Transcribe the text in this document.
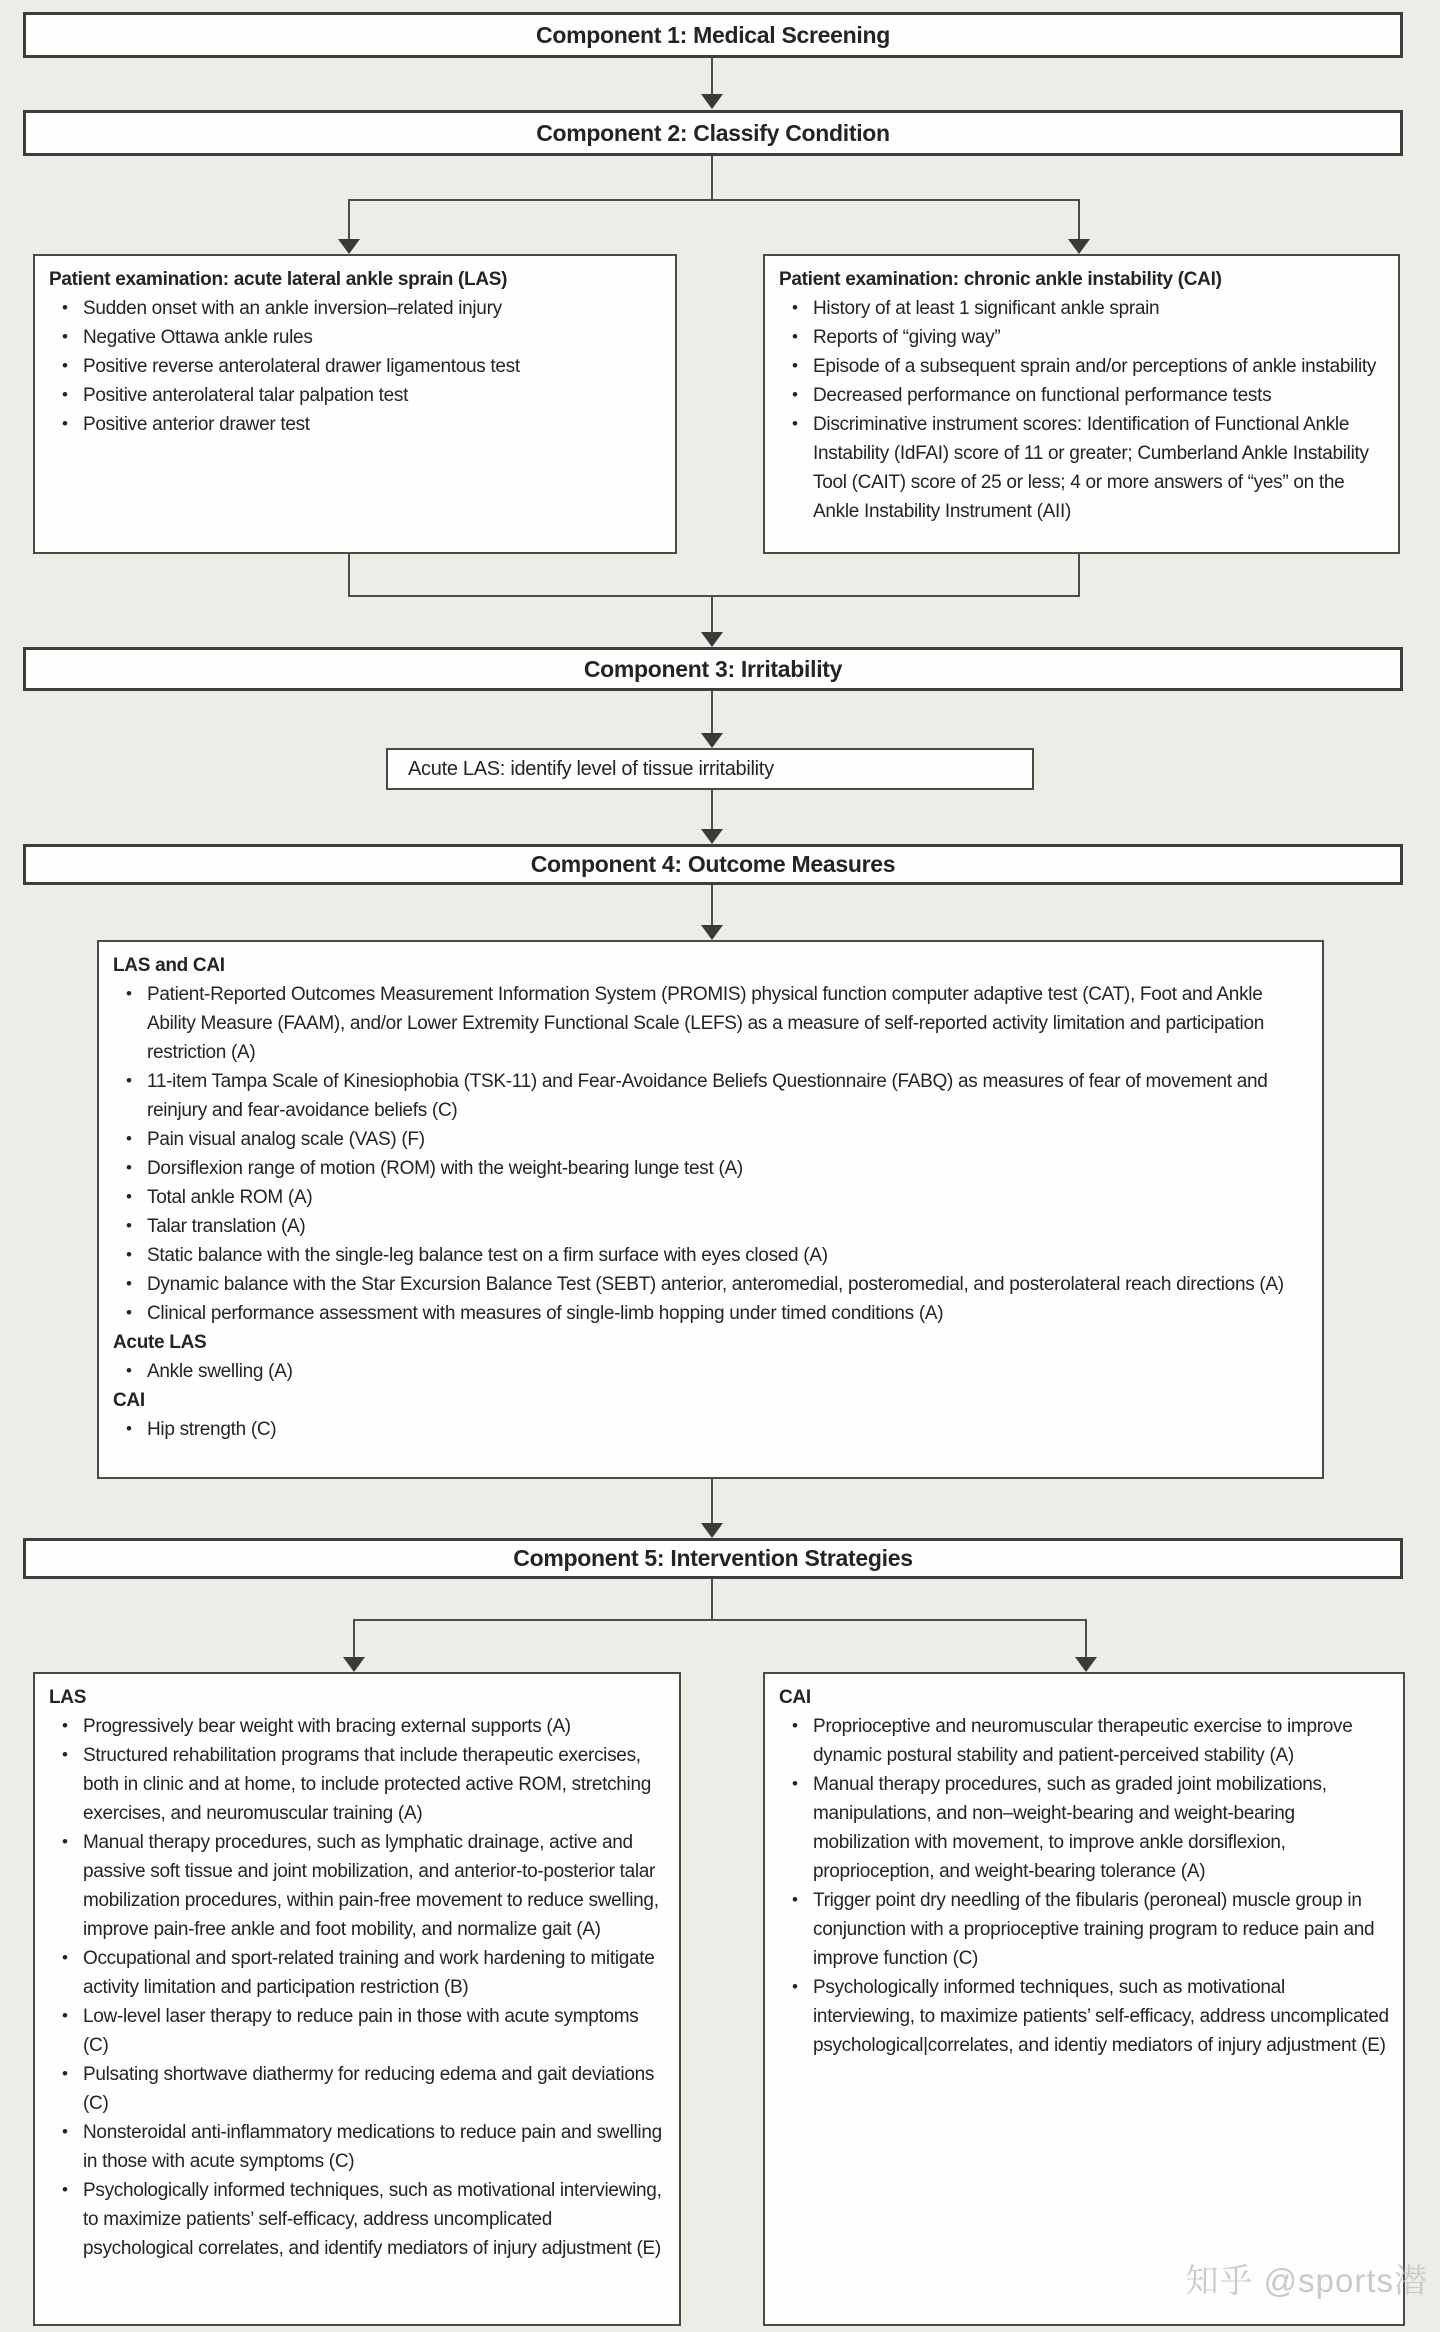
Component 1: Medical Screening
Component 2: Classify Condition
Patient examination: acute lateral ankle sprain (LAS)
• Sudden onset with an ankle inversion–related injury
• Negative Ottawa ankle rules
• Positive reverse anterolateral drawer ligamentous test
• Positive anterolateral talar palpation test
• Positive anterior drawer test
Patient examination: chronic ankle instability (CAI)
• History of at least 1 significant ankle sprain
• Reports of “giving way”
• Episode of a subsequent sprain and/or perceptions of ankle instability
• Decreased performance on functional performance tests
• Discriminative instrument scores: Identification of Functional Ankle Instability (IdFAI) score of 11 or greater; Cumberland Ankle Instability Tool (CAIT) score of 25 or less; 4 or more answers of “yes” on the Ankle Instability Instrument (AII)
Component 3: Irritability
Acute LAS: identify level of tissue irritability
Component 4: Outcome Measures
LAS and CAI
• Patient-Reported Outcomes Measurement Information System (PROMIS) physical function computer adaptive test (CAT), Foot and Ankle Ability Measure (FAAM), and/or Lower Extremity Functional Scale (LEFS) as a measure of self-reported activity limitation and participation restriction (A)
• 11-item Tampa Scale of Kinesiophobia (TSK-11) and Fear-Avoidance Beliefs Questionnaire (FABQ) as measures of fear of movement and reinjury and fear-avoidance beliefs (C)
• Pain visual analog scale (VAS) (F)
• Dorsiflexion range of motion (ROM) with the weight-bearing lunge test (A)
• Total ankle ROM (A)
• Talar translation (A)
• Static balance with the single-leg balance test on a firm surface with eyes closed (A)
• Dynamic balance with the Star Excursion Balance Test (SEBT) anterior, anteromedial, posteromedial, and posterolateral reach directions (A)
• Clinical performance assessment with measures of single-limb hopping under timed conditions (A)
Acute LAS
• Ankle swelling (A)
CAI
• Hip strength (C)
Component 5: Intervention Strategies
LAS
• Progressively bear weight with bracing external supports (A)
• Structured rehabilitation programs that include therapeutic exercises, both in clinic and at home, to include protected active ROM, stretching exercises, and neuromuscular training (A)
• Manual therapy procedures, such as lymphatic drainage, active and passive soft tissue and joint mobilization, and anterior-to-posterior talar mobilization procedures, within pain-free movement to reduce swelling, improve pain-free ankle and foot mobility, and normalize gait (A)
• Occupational and sport-related training and work hardening to mitigate activity limitation and participation restriction (B)
• Low-level laser therapy to reduce pain in those with acute symptoms (C)
• Pulsating shortwave diathermy for reducing edema and gait deviations (C)
• Nonsteroidal anti-inflammatory medications to reduce pain and swelling in those with acute symptoms (C)
• Psychologically informed techniques, such as motivational interviewing, to maximize patients’ self-efficacy, address uncomplicated psychological correlates, and identify mediators of injury adjustment (E)
CAI
• Proprioceptive and neuromuscular therapeutic exercise to improve dynamic postural stability and patient-perceived stability (A)
• Manual therapy procedures, such as graded joint mobilizations, manipulations, and non–weight-bearing and weight-bearing mobilization with movement, to improve ankle dorsiflexion, proprioception, and weight-bearing tolerance (A)
• Trigger point dry needling of the fibularis (peroneal) muscle group in conjunction with a proprioceptive training program to reduce pain and improve function (C)
• Psychologically informed techniques, such as motivational interviewing, to maximize patients’ self-efficacy, address uncomplicated psychological|correlates, and identiy mediators of injury adjustment (E)
知乎 @sports潜
